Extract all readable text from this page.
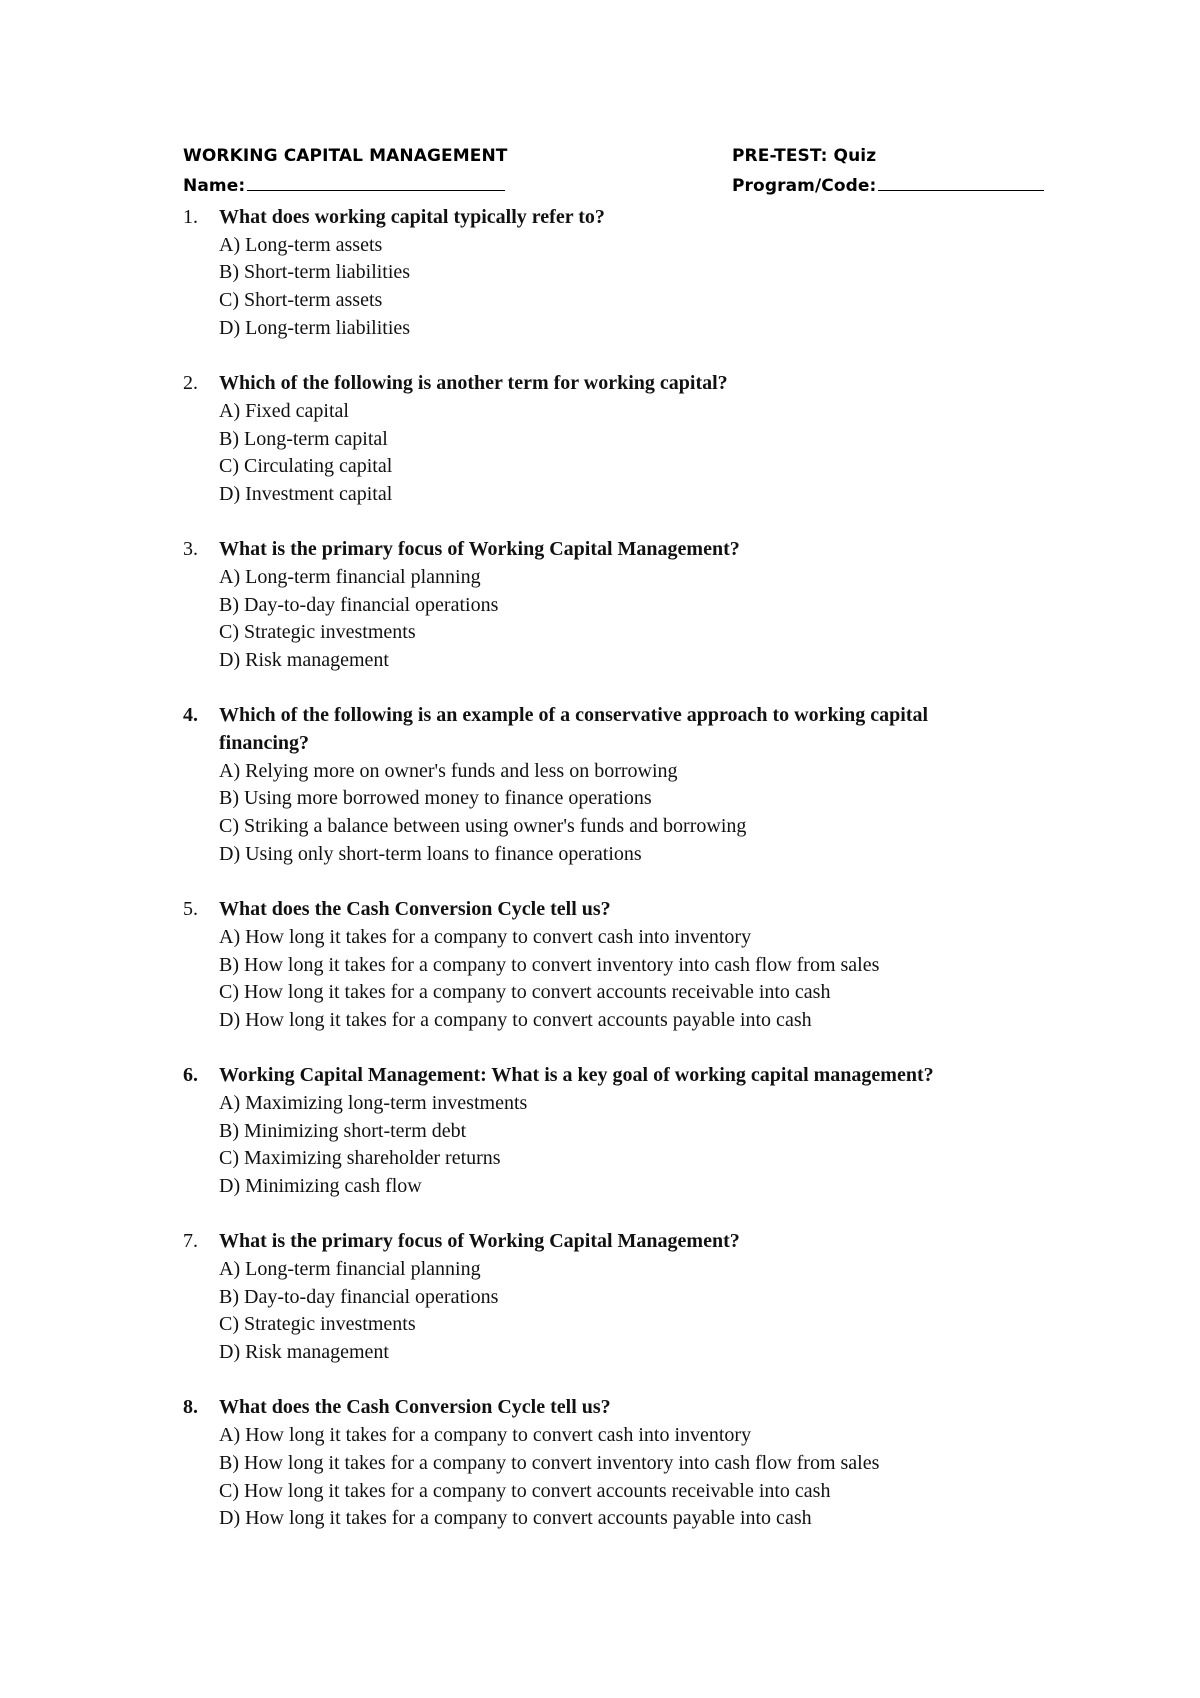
WORKING CAPITAL MANAGEMENT	PRE-TEST: Quiz
Name:	Program/Code:
1.	What does working capital typically refer to?
A) Long-term assets
B) Short-term liabilities
C) Short-term assets
D) Long-term liabilities
2.	Which of the following is another term for working capital?
A) Fixed capital
B) Long-term capital
C) Circulating capital
D) Investment capital
3.	What is the primary focus of Working Capital Management?
A) Long-term financial planning
B) Day-to-day financial operations
C) Strategic investments
D) Risk management
4.	Which of the following is an example of a conservative approach to working capital financing?
A) Relying more on owner's funds and less on borrowing
B) Using more borrowed money to finance operations
C) Striking a balance between using owner's funds and borrowing
D) Using only short-term loans to finance operations
5.	What does the Cash Conversion Cycle tell us?
A) How long it takes for a company to convert cash into inventory
B) How long it takes for a company to convert inventory into cash flow from sales
C) How long it takes for a company to convert accounts receivable into cash
D) How long it takes for a company to convert accounts payable into cash
6.	Working Capital Management: What is a key goal of working capital management?
A) Maximizing long-term investments
B) Minimizing short-term debt
C) Maximizing shareholder returns
D) Minimizing cash flow
7.	What is the primary focus of Working Capital Management?
A) Long-term financial planning
B) Day-to-day financial operations
C) Strategic investments
D) Risk management
8.	What does the Cash Conversion Cycle tell us?
A) How long it takes for a company to convert cash into inventory
B) How long it takes for a company to convert inventory into cash flow from sales
C) How long it takes for a company to convert accounts receivable into cash
D) How long it takes for a company to convert accounts payable into cash
